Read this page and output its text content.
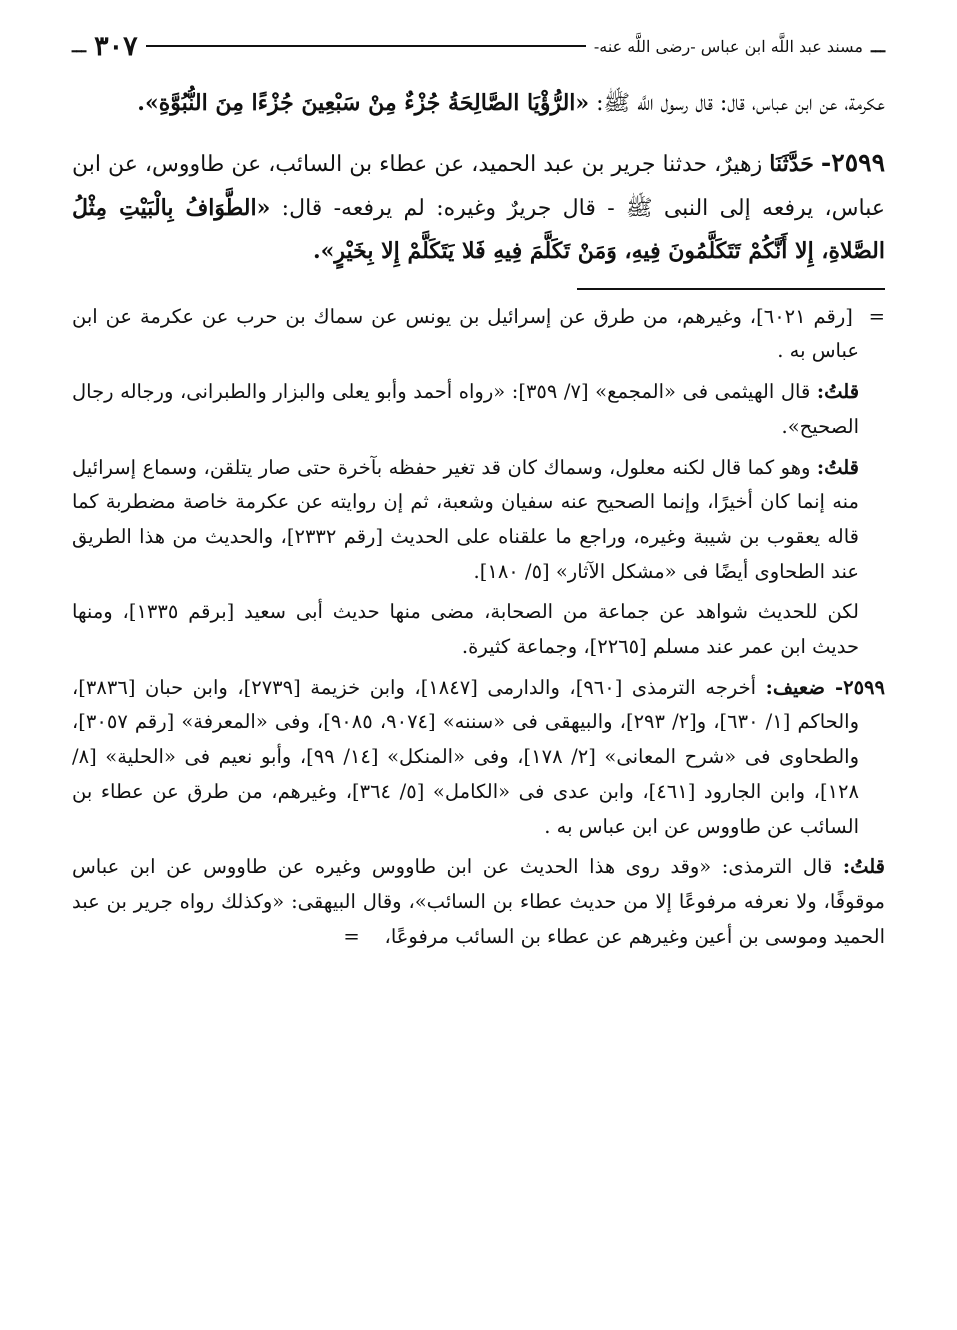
ـــ
مسند عبد اللَّه ابن عباس -رضى اللَّه عنه-
٣٠٧
ـــ

عكرمة، عن ابن عباس، قال: قال رسول اللَّه ﷺ: «الرُّؤْيَا الصَّالِحَةُ جُزْءٌ مِنْ سَبْعِينَ جُزْءًا مِنَ النُّبُوَّةِ».

٢٥٩٩- حَدَّثَنَا زهيرٌ، حدثنا جرير بن عبد الحميد، عن عطاء بن السائب، عن طاووس، عن ابن عباس، يرفعه إلى النبى ﷺ - قال جريرٌ وغيره: لم يرفعه- قال: «الطَّوَافُ بِالْبَيْتِ مِثْلُ الصَّلاةِ، إِلا أَنَّكُمْ تَتَكَلَّمُونَ فِيهِ، وَمَنْ تَكَلَّمَ فِيهِ فَلا يَتَكَلَّمْ إِلا بِخَيْرٍ».

=  [رقم ٦٠٢١]، وغيرهم، من طرق عن إسرائيل بن يونس عن سماك بن حرب عن عكرمة عن ابن عباس به .

قلتُ: قال الهيثمى فى «المجمع» [٧/ ٣٥٩]: «رواه أحمد وأبو يعلى والبزار والطبرانى، ورجاله رجال الصحيح».

قلتُ: وهو كما قال لكنه معلول، وسماك كان قد تغير حفظه بآخرة حتى صار يتلقن، وسماع إسرائيل منه إنما كان أخيرًا، وإنما الصحيح عنه سفيان وشعبة، ثم إن روايته عن عكرمة خاصة مضطربة كما قاله يعقوب بن شيبة وغيره، وراجع ما علقناه على الحديث [رقم ٢٣٣٢]، والحديث من هذا الطريق عند الطحاوى أيضًا فى «مشكل الآثار» [٥/ ١٨٠].

لكن للحديث شواهد عن جماعة من الصحابة، مضى منها حديث أبى سعيد [برقم ١٣٣٥]، ومنها حديث ابن عمر عند مسلم [٢٢٦٥]، وجماعة كثيرة.

٢٥٩٩- ضعيف: أخرجه الترمذى [٩٦٠]، والدارمى [١٨٤٧]، وابن خزيمة [٢٧٣٩]، وابن حبان [٣٨٣٦]، والحاكم [١/ ٦٣٠]، و[٢/ ٢٩٣]، والبيهقى فى «سننه» [٩٠٧٤، ٩٠٨٥]، وفى «المعرفة» [رقم ٣٠٥٧]، والطحاوى فى «شرح المعانى» [٢/ ١٧٨]، وفى «المنكل» [١٤/ ٩٩]، وأبو نعيم فى «الحلية» [٨/ ١٢٨]، وابن الجارود [٤٦١]، وابن عدى فى «الكامل» [٥/ ٣٦٤]، وغيرهم، من طرق عن عطاء بن السائب عن طاووس عن ابن عباس به .

قلتُ: قال الترمذى: «وقد روى هذا الحديث عن ابن طاووس وغيره عن طاووس عن ابن عباس موقوفًا، ولا نعرفه مرفوعًا إلا من حديث عطاء بن السائب»، وقال البيهقى: «وكذلك رواه جرير بن عبد الحميد وموسى بن أعين وغيرهم عن عطاء بن السائب مرفوعًا،    =
